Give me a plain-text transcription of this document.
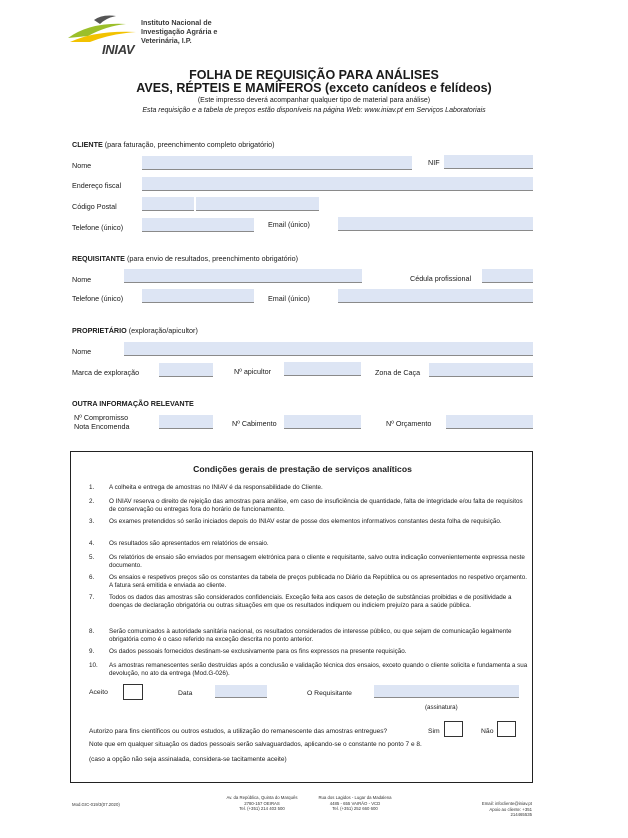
INIAV
Instituto Nacional de
Investigação Agrária e
Veterinária, I.P.
FOLHA DE REQUISIÇÃO PARA ANÁLISES
AVES, RÉPTEIS E MAMÍFEROS (exceto canídeos e felídeos)
(Este impresso deverá acompanhar qualquer tipo de material para análise)
Esta requisição e a tabela de preços estão disponíveis na página Web: www.iniav.pt em Serviços Laboratoriais
CLIENTE (para faturação, preenchimento completo obrigatório)
Nome	NIF
Endereço fiscal
Código Postal
Telefone (único)	Email (único)
REQUISITANTE (para envio de resultados, preenchimento obrigatório)
Nome	Cédula profissional
Telefone (único)	Email (único)
PROPRIETÁRIO (exploração/apicultor)
Nome
Marca de exploração	Nº apicultor	Zona de Caça
OUTRA INFORMAÇÃO RELEVANTE
Nº Compromisso
Nota Encomenda	Nº Cabimento	Nº Orçamento
Condições gerais de prestação de serviços analíticos
1. A colheita e entrega de amostras no INIAV é da responsabilidade do Cliente.
2. O INIAV reserva o direito de rejeição das amostras para análise, em caso de insuficiência de quantidade, falta de integridade e/ou falta de requisitos de conservação ou entregas fora do horário de funcionamento.
3. Os exames pretendidos só serão iniciados depois do INIAV estar de posse dos elementos informativos constantes desta folha de requisição.
4. Os resultados são apresentados em relatórios de ensaio.
5. Os relatórios de ensaio são enviados por mensagem eletrónica para o cliente e requisitante, salvo outra indicação convenientemente expressa neste documento.
6. Os ensaios e respetivos preços são os constantes da tabela de preços publicada no Diário da República ou os apresentados no respetivo orçamento. A fatura será emitida e enviada ao cliente.
7. Todos os dados das amostras são considerados confidenciais. Exceção feita aos casos de deteção de substâncias proibidas e de positividade a doenças de declaração obrigatória ou outras situações em que os resultados indiquem ou indiciem prejuízo para a saúde pública.
8. Serão comunicados à autoridade sanitária nacional, os resultados considerados de interesse público, ou que sejam de comunicação legalmente obrigatória como é o caso referido na exceção descrita no ponto anterior.
9. Os dados pessoais fornecidos destinam-se exclusivamente para os fins expressos na presente requisição.
10. As amostras remanescentes serão destruídas após a conclusão e validação técnica dos ensaios, exceto quando o cliente solicita e fundamenta a sua devolução, no ato da entrega (Mod.G-026).
Aceito	Data	O Requisitante
(assinatura)
Autorizo para fins científicos ou outros estudos, a utilização do remanescente das amostras entregues?	Sim	Não
Note que em qualquer situação os dados pessoais serão salvaguardados, aplicando-se o constante no ponto 7 e 8.
(caso a opção não seja assinalada, considera-se tacitamente aceite)
Mod.GIC-019/3(07.2020)
Av. da República, Quinta do Marquês
2780-157 OEIRAS
Tel. (+351) 214 403 500
Rua dos Lagidos - Lugar da Madalena
4485 - 655 VAIRÃO - VCD
Tel. (+351) 252 660 600
Email: infocliente@iniav.pt
Apoio ao cliente: +351 214465535
